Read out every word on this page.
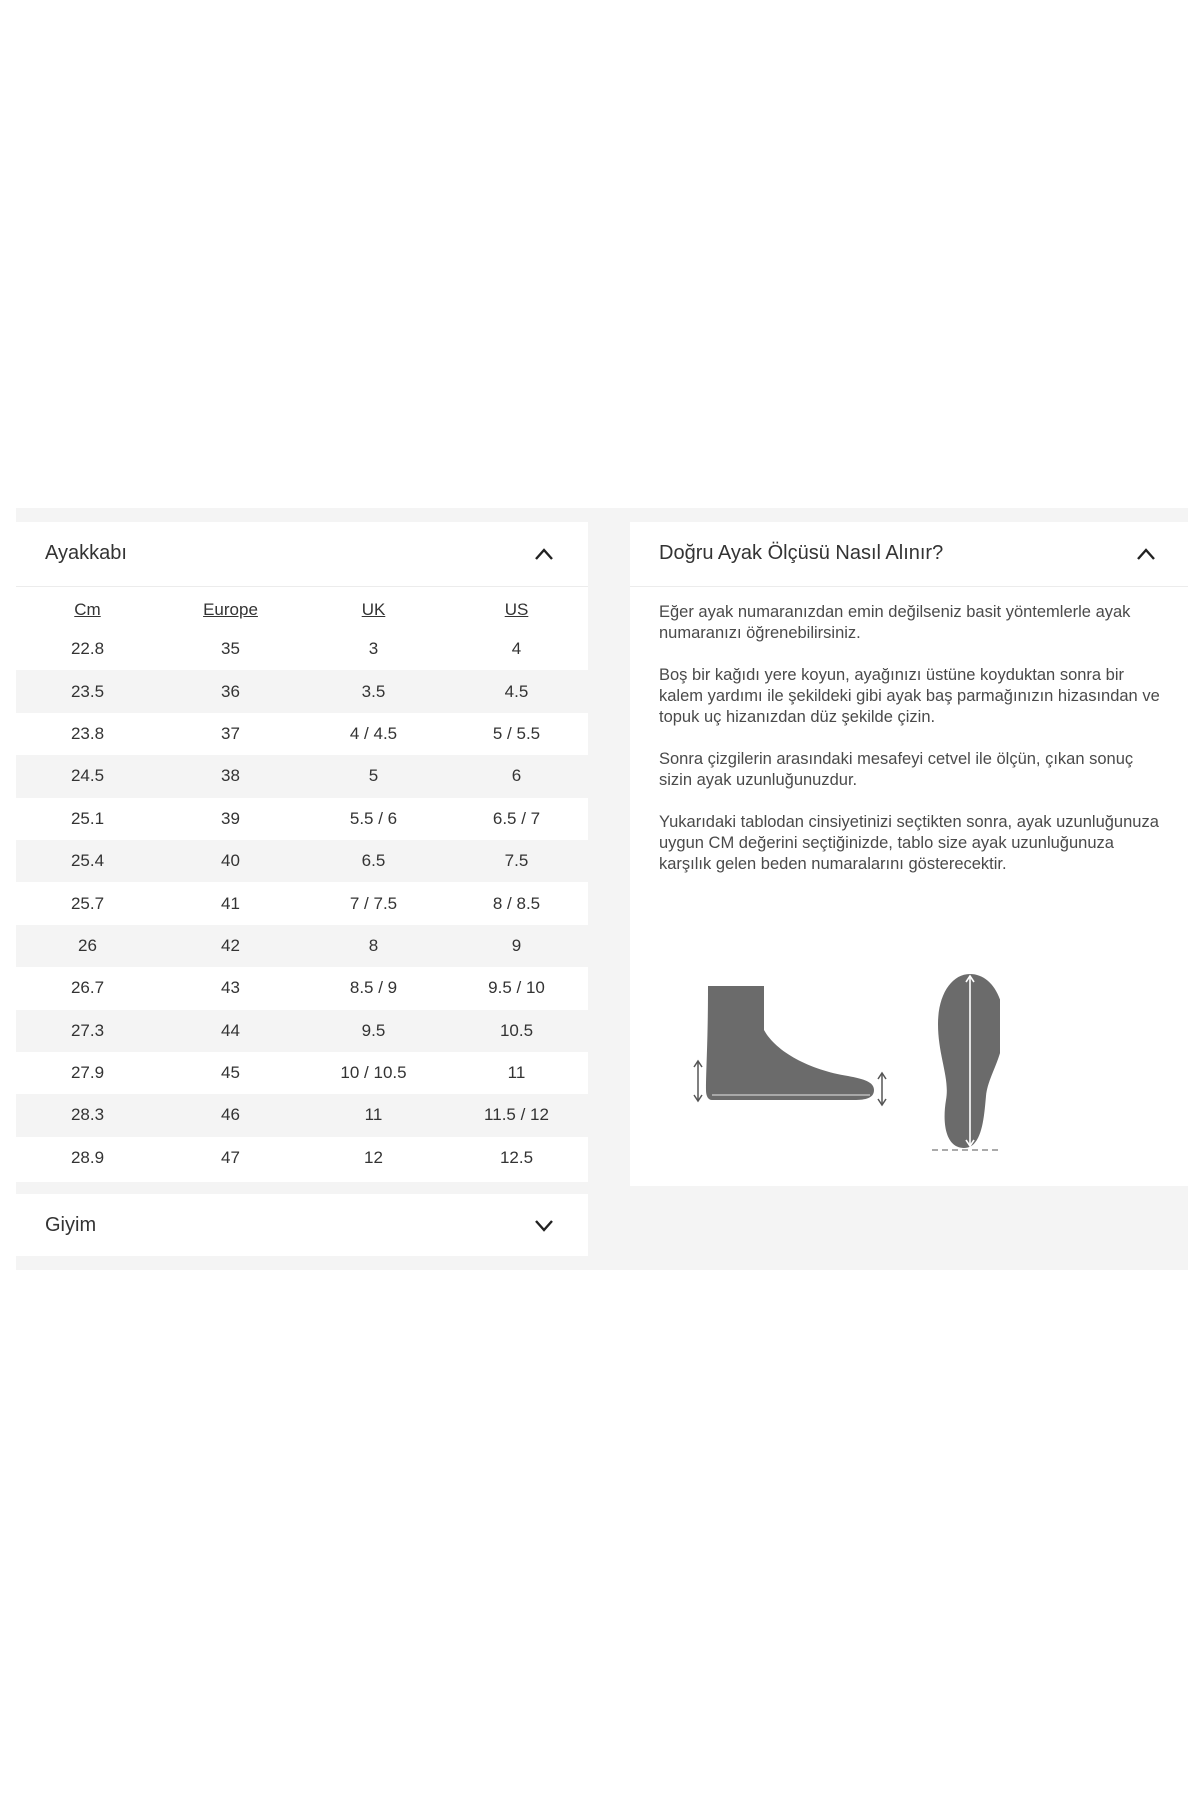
Ayakkabı
Cm	Europe	UK	US
22.8	35	3	4
23.5	36	3.5	4.5
23.8	37	4 / 4.5	5 / 5.5
24.5	38	5	6
25.1	39	5.5 / 6	6.5 / 7
25.4	40	6.5	7.5
25.7	41	7 / 7.5	8 / 8.5
26	42	8	9
26.7	43	8.5 / 9	9.5 / 10
27.3	44	9.5	10.5
27.9	45	10 / 10.5	11
28.3	46	11	11.5 / 12
28.9	47	12	12.5
Giyim
Doğru Ayak Ölçüsü Nasıl Alınır?

Eğer ayak numaranızdan emin değilseniz basit yöntemlerle ayak numaranızı öğrenebilirsiniz.

Boş bir kağıdı yere koyun, ayağınızı üstüne koyduktan sonra bir kalem yardımı ile şekildeki gibi ayak baş parmağınızın hizasından ve topuk uç hizanızdan düz şekilde çizin.

Sonra çizgilerin arasındaki mesafeyi cetvel ile ölçün, çıkan sonuç sizin ayak uzunluğunuzdur.

Yukarıdaki tablodan cinsiyetinizi seçtikten sonra, ayak uzunluğunuza uygun CM değerini seçtiğinizde, tablo size ayak uzunluğunuza karşılık gelen beden numaralarını gösterecektir.
